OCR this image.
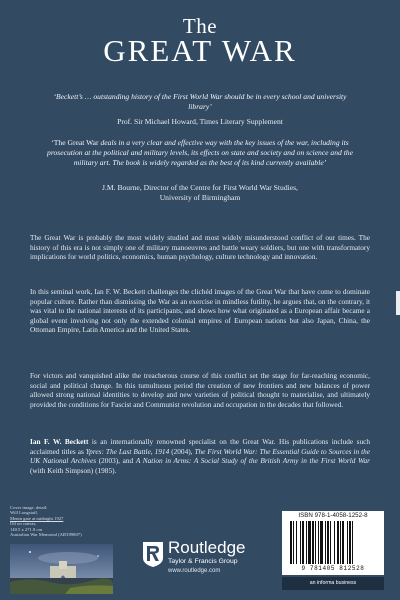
The
GREAT WAR
‘Beckett’s … outstanding history of the First World War should be in every school and university library’
Prof. Sir Michael Howard, Times Literary Supplement
‘The Great War deals in a very clear and effective way with the key issues of the war, including its prosecution at the political and military levels, its effects on state and society and on science and the military art. The book is widely regarded as the best of its kind currently available’
J.M. Bourne, Director of the Centre for First World War Studies,
University of Birmingham
The Great War is probably the most widely studied and most widely misunderstood conflict of our times. The history of this era is not simply one of military manoeuvres and battle weary soldiers, but one with transformatory implications for world politics, economics, human psychology, culture technology and innovation.
In this seminal work, Ian F. W. Beckett challenges the clichéd images of the Great War that have come to dominate popular culture. Rather than dismissing the War as an exercise in mindless futility, he argues that, on the contrary, it was vital to the national interests of its participants, and shows how what originated as a European affair became a global event involving not only the extended colonial empires of European nations but also Japan, China, the Ottoman Empire, Latin America and the United States.
For victors and vanquished alike the treacherous course of this conflict set the stage for far-reaching economic, social and political change. In this tumultuous period the creation of new frontiers and new balances of power allowed strong national identities to develop and new varieties of political thought to materialise, and ultimately provided the conditions for Fascist and Communist revolution and occupation in the decades that followed.
Ian F. W. Beckett is an internationally renowned specialist on the Great War. His publications include such acclaimed titles as Ypres: The Last Battle, 1914 (2004), The First World War: The Essential Guide to Sources in the UK National Archives (2003), and A Nation in Arms: A Social Study of the British Army in the First World War (with Keith Simpson) (1985).
Cover image, detail:
Will Longstaff,
Menin gate at midnight 1927
Oil on canvas,
140.5 x 271.8 cm
Australian War Memorial (ART09807)
Routledge
Taylor & Francis Group
www.routledge.com
ISBN 978-1-4058-1252-8
9 781405 812528
an informa business
